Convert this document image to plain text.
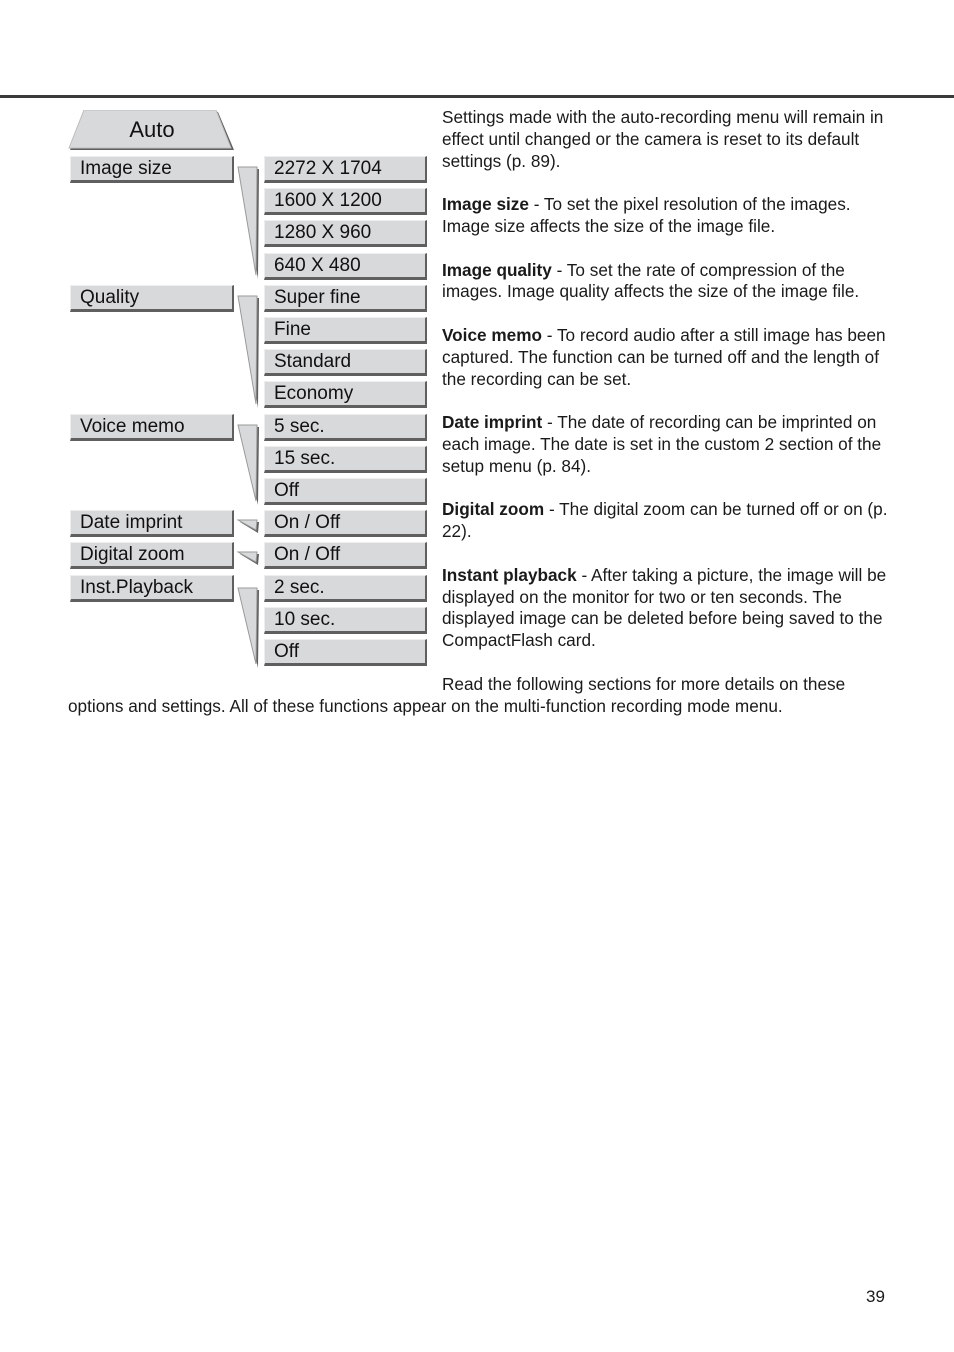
Auto
Image size
Quality
Voice memo
Date imprint
Digital zoom
Inst.Playback
2272 X 1704
1600 X 1200
1280 X 960
640 X 480
Super fine
Fine
Standard
Economy
5 sec.
15 sec.
Off
On / Off
On / Off
2 sec.
10 sec.
Off

Settings made with the auto-recording menu will remain in effect until changed or the camera is reset to its default settings (p. 89).

Image size - To set the pixel resolution of the images. Image size affects the size of the image file.

Image quality - To set the rate of compression of the images. Image quality affects the size of the image file.

Voice memo - To record audio after a still image has been captured. The function can be turned off and the length of the recording can be set.

Date imprint - The date of recording can be imprinted on each image. The date is set in the custom 2 section of the setup menu (p. 84).

Digital zoom - The digital zoom can be turned off or on (p. 22).

Instant playback - After taking a picture, the image will be displayed on the monitor for two or ten seconds. The displayed image can be deleted before being saved to the CompactFlash card.

Read the following sections for more details on these
options and settings. All of these functions appear on the multi-function recording mode menu.
39
